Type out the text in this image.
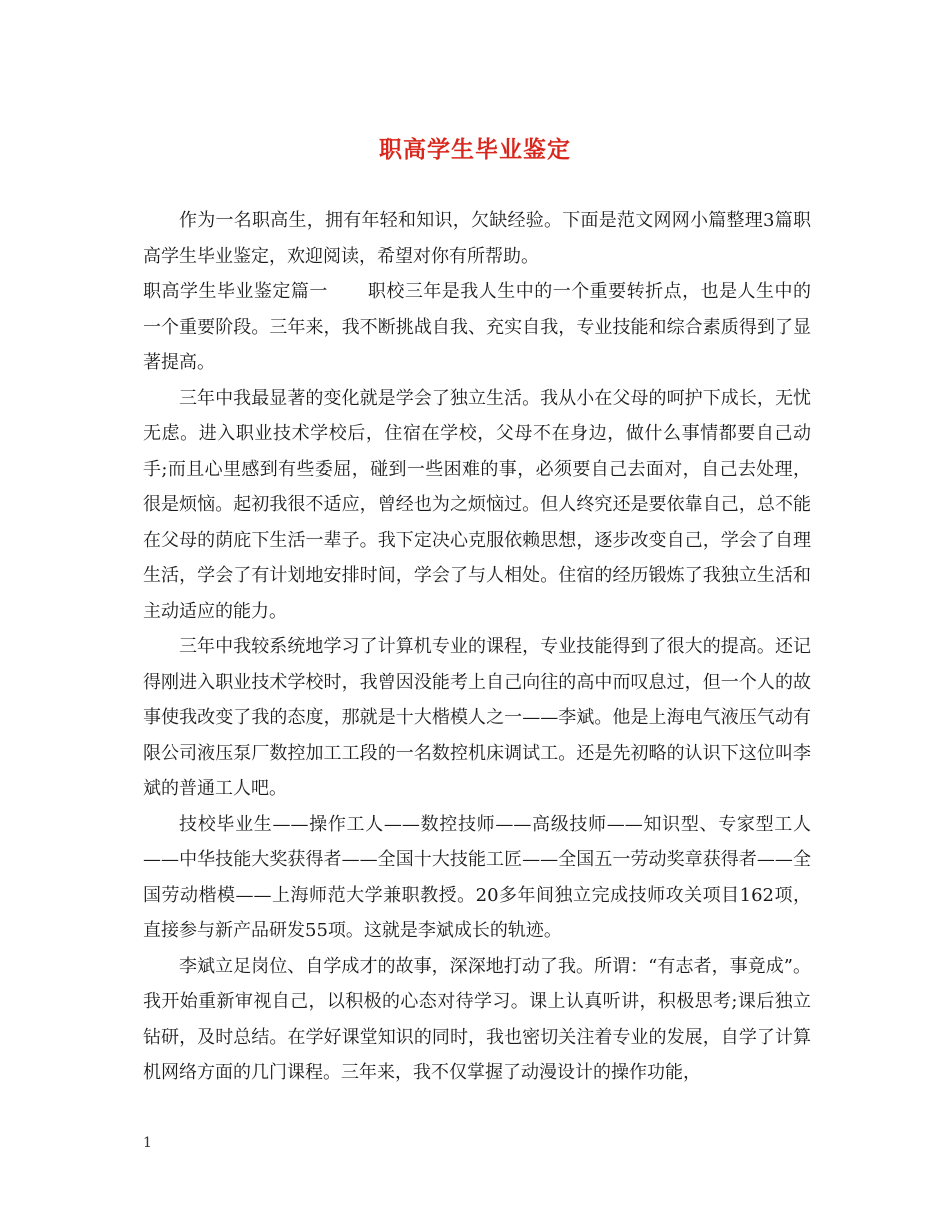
职高学生毕业鉴定

作为一名职高生，拥有年轻和知识，欠缺经验。下面是范文网网小篇整理3篇职高学生毕业鉴定，欢迎阅读，希望对你有所帮助。

职高学生毕业鉴定篇一 职校三年是我人生中的一个重要转折点，也是人生中的一个重要阶段。三年来，我不断挑战自我、充实自我，专业技能和综合素质得到了显著提高。

三年中我最显著的变化就是学会了独立生活。我从小在父母的呵护下成长，无忧无虑。进入职业技术学校后，住宿在学校，父母不在身边，做什么事情都要自己动手;而且心里感到有些委屈，碰到一些困难的事，必须要自己去面对，自己去处理，很是烦恼。起初我很不适应，曾经也为之烦恼过。但人终究还是要依靠自己，总不能在父母的荫庇下生活一辈子。我下定决心克服依赖思想，逐步改变自己，学会了自理生活，学会了有计划地安排时间，学会了与人相处。住宿的经历锻炼了我独立生活和主动适应的能力。

三年中我较系统地学习了计算机专业的课程，专业技能得到了很大的提高。还记得刚进入职业技术学校时，我曾因没能考上自己向往的高中而叹息过，但一个人的故事使我改变了我的态度，那就是十大楷模人之一——李斌。他是上海电气液压气动有限公司液压泵厂数控加工工段的一名数控机床调试工。还是先初略的认识下这位叫李斌的普通工人吧。

技校毕业生——操作工人——数控技师——高级技师——知识型、专家型工人——中华技能大奖获得者——全国十大技能工匠——全国五一劳动奖章获得者——全国劳动楷模——上海师范大学兼职教授。20多年间独立完成技师攻关项目162项，直接参与新产品研发55项。这就是李斌成长的轨迹。

李斌立足岗位、自学成才的故事，深深地打动了我。所谓：“有志者，事竟成”。我开始重新审视自己，以积极的心态对待学习。课上认真听讲，积极思考;课后独立钻研，及时总结。在学好课堂知识的同时，我也密切关注着专业的发展，自学了计算机网络方面的几门课程。三年来，我不仅掌握了动漫设计的操作功能，

1
